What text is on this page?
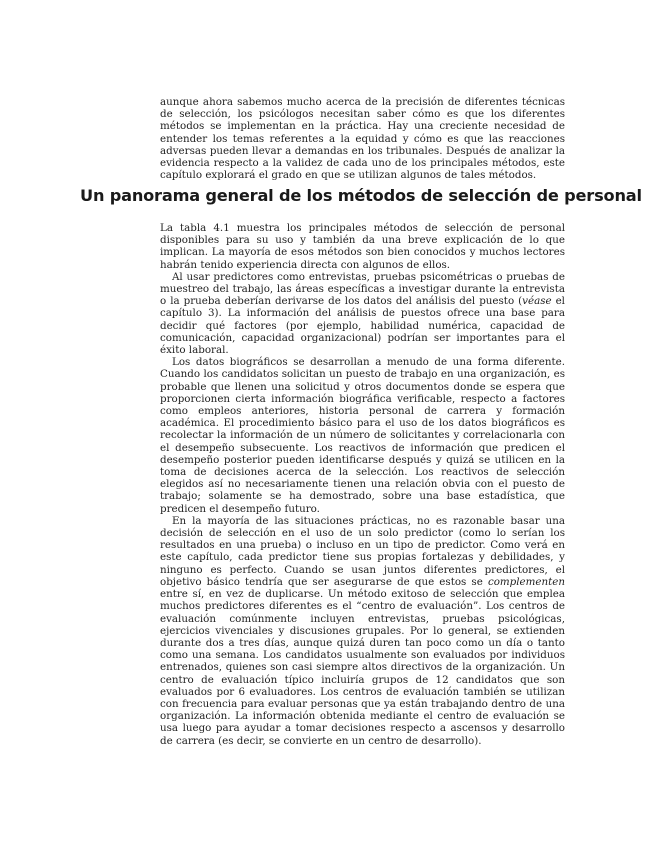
aunque ahora sabemos mucho acerca de la precisión de diferentes técnicas de selección, los psicólogos necesitan saber cómo es que los diferentes métodos se implementan en la práctica. Hay una creciente necesidad de entender los temas referentes a la equidad y cómo es que las reacciones adversas pueden llevar a demandas en los tribunales. Después de analizar la evidencia respecto a la validez de cada uno de los principales métodos, este capítulo explorará el grado en que se utilizan algunos de tales métodos.

Un panorama general de los métodos de selección de personal

La tabla 4.1 muestra los principales métodos de selección de personal disponibles para su uso y también da una breve explicación de lo que implican. La mayoría de esos métodos son bien conocidos y muchos lectores habrán tenido experiencia directa con algunos de ellos.

Al usar predictores como entrevistas, pruebas psicométricas o pruebas de muestreo del trabajo, las áreas específicas a investigar durante la entrevista o la prueba deberían derivarse de los datos del análisis del puesto (véase el capítulo 3). La información del análisis de puestos ofrece una base para decidir qué factores (por ejemplo, habilidad numérica, capacidad de comunicación, capacidad organizacional) podrían ser importantes para el éxito laboral.

Los datos biográficos se desarrollan a menudo de una forma diferente. Cuando los candidatos solicitan un puesto de trabajo en una organización, es probable que llenen una solicitud y otros documentos donde se espera que proporcionen cierta información biográfica verificable, respecto a factores como empleos anteriores, historia personal de carrera y formación académica. El procedimiento básico para el uso de los datos biográficos es recolectar la información de un número de solicitantes y correlacionarla con el desempeño subsecuente. Los reactivos de información que predicen el desempeño posterior pueden identificarse después y quizá se utilicen en la toma de decisiones acerca de la selección. Los reactivos de selección elegidos así no necesariamente tienen una relación obvia con el puesto de trabajo; solamente se ha demostrado, sobre una base estadística, que predicen el desempeño futuro.

En la mayoría de las situaciones prácticas, no es razonable basar una decisión de selección en el uso de un solo predictor (como lo serían los resultados en una prueba) o incluso en un tipo de predictor. Como verá en este capítulo, cada predictor tiene sus propias fortalezas y debilidades, y ninguno es perfecto. Cuando se usan juntos diferentes predictores, el objetivo básico tendría que ser asegurarse de que estos se complementen entre sí, en vez de duplicarse. Un método exitoso de selección que emplea muchos predictores diferentes es el “centro de evaluación”. Los centros de evaluación comúnmente incluyen entrevistas, pruebas psicológicas, ejercicios vivenciales y discusiones grupales. Por lo general, se extienden durante dos a tres días, aunque quizá duren tan poco como un día o tanto como una semana. Los candidatos usualmente son evaluados por individuos entrenados, quienes son casi siempre altos directivos de la organización. Un centro de evaluación típico incluiría grupos de 12 candidatos que son evaluados por 6 evaluadores. Los centros de evaluación también se utilizan con frecuencia para evaluar personas que ya están trabajando dentro de una organización. La información obtenida mediante el centro de evaluación se usa luego para ayudar a tomar decisiones respecto a ascensos y desarrollo de carrera (es decir, se convierte en un centro de desarrollo).
